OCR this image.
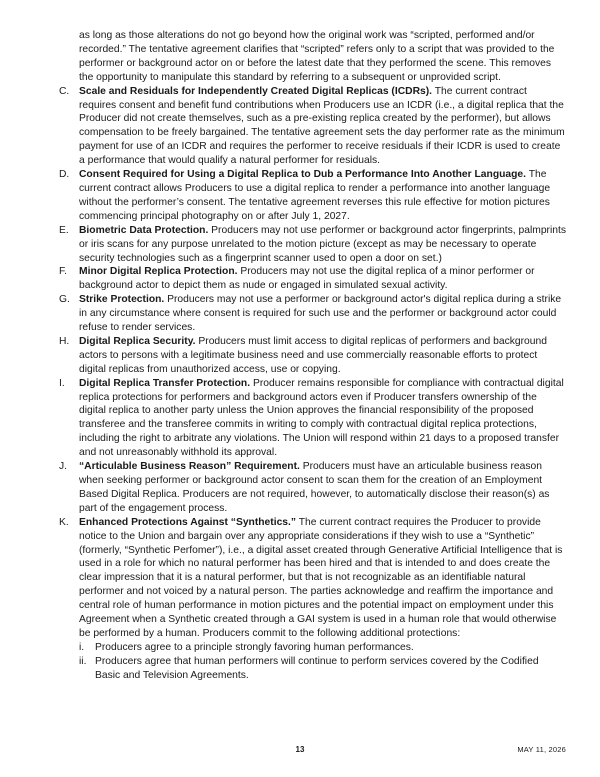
as long as those alterations do not go beyond how the original work was “scripted, performed and/or recorded.” The tentative agreement clarifies that “scripted” refers only to a script that was provided to the performer or background actor on or before the latest date that they performed the scene. This removes the opportunity to manipulate this standard by referring to a subsequent or unprovided script.
C. Scale and Residuals for Independently Created Digital Replicas (ICDRs). The current contract requires consent and benefit fund contributions when Producers use an ICDR (i.e., a digital replica that the Producer did not create themselves, such as a pre-existing replica created by the performer), but allows compensation to be freely bargained. The tentative agreement sets the day performer rate as the minimum payment for use of an ICDR and requires the performer to receive residuals if their ICDR is used to create a performance that would qualify a natural performer for residuals.
D. Consent Required for Using a Digital Replica to Dub a Performance Into Another Language. The current contract allows Producers to use a digital replica to render a performance into another language without the performer’s consent. The tentative agreement reverses this rule effective for motion pictures commencing principal photography on or after July 1, 2027.
E. Biometric Data Protection. Producers may not use performer or background actor fingerprints, palmprints or iris scans for any purpose unrelated to the motion picture (except as may be necessary to operate security technologies such as a fingerprint scanner used to open a door on set.)
F. Minor Digital Replica Protection. Producers may not use the digital replica of a minor performer or background actor to depict them as nude or engaged in simulated sexual activity.
G. Strike Protection. Producers may not use a performer or background actor's digital replica during a strike in any circumstance where consent is required for such use and the performer or background actor could refuse to render services.
H. Digital Replica Security. Producers must limit access to digital replicas of performers and background actors to persons with a legitimate business need and use commercially reasonable efforts to protect digital replicas from unauthorized access, use or copying.
I. Digital Replica Transfer Protection. Producer remains responsible for compliance with contractual digital replica protections for performers and background actors even if Producer transfers ownership of the digital replica to another party unless the Union approves the financial responsibility of the proposed transferee and the transferee commits in writing to comply with contractual digital replica protections, including the right to arbitrate any violations. The Union will respond within 21 days to a proposed transfer and not unreasonably withhold its approval.
J. “Articulable Business Reason” Requirement. Producers must have an articulable business reason when seeking performer or background actor consent to scan them for the creation of an Employment Based Digital Replica. Producers are not required, however, to automatically disclose their reason(s) as part of the engagement process.
K. Enhanced Protections Against “Synthetics.” The current contract requires the Producer to provide notice to the Union and bargain over any appropriate considerations if they wish to use a “Synthetic” (formerly, “Synthetic Perfomer”), i.e., a digital asset created through Generative Artificial Intelligence that is used in a role for which no natural performer has been hired and that is intended to and does create the clear impression that it is a natural performer, but that is not recognizable as an identifiable natural performer and not voiced by a natural person. The parties acknowledge and reaffirm the importance and central role of human performance in motion pictures and the potential impact on employment under this Agreement when a Synthetic created through a GAI system is used in a human role that would otherwise be performed by a human. Producers commit to the following additional protections:
i. Producers agree to a principle strongly favoring human performances.
ii. Producers agree that human performers will continue to perform services covered by the Codified Basic and Television Agreements.
13	MAY 11, 2026
